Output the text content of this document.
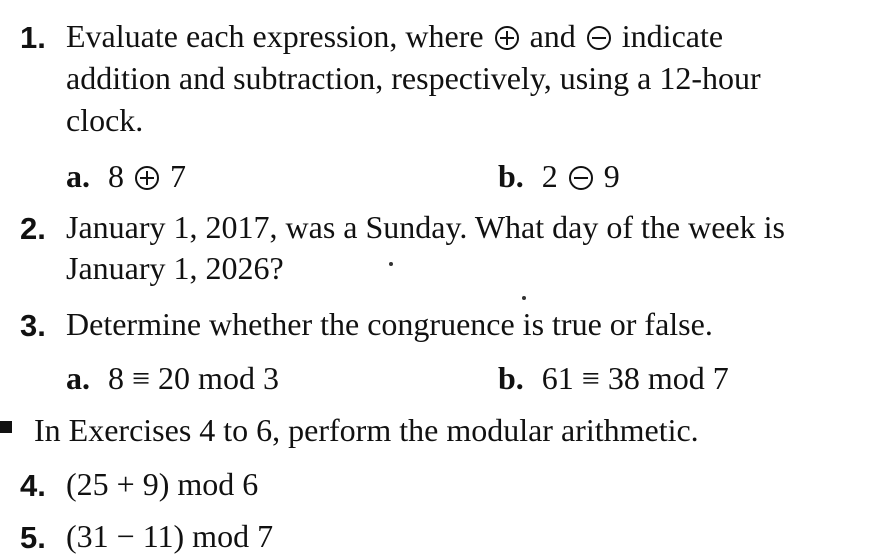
1. Evaluate each expression, where and indicate
addition and subtraction, respectively, using a 12-hour
clock.
a. 8 7	b. 2 9
2. January 1, 2017, was a Sunday. What day of the week is
January 1, 2026?
3. Determine whether the congruence is true or false.
a. 8 ≡ 20 mod 3	b. 61 ≡ 38 mod 7
In Exercises 4 to 6, perform the modular arithmetic.
4. (25 + 9) mod 6
5. (31 − 11) mod 7
